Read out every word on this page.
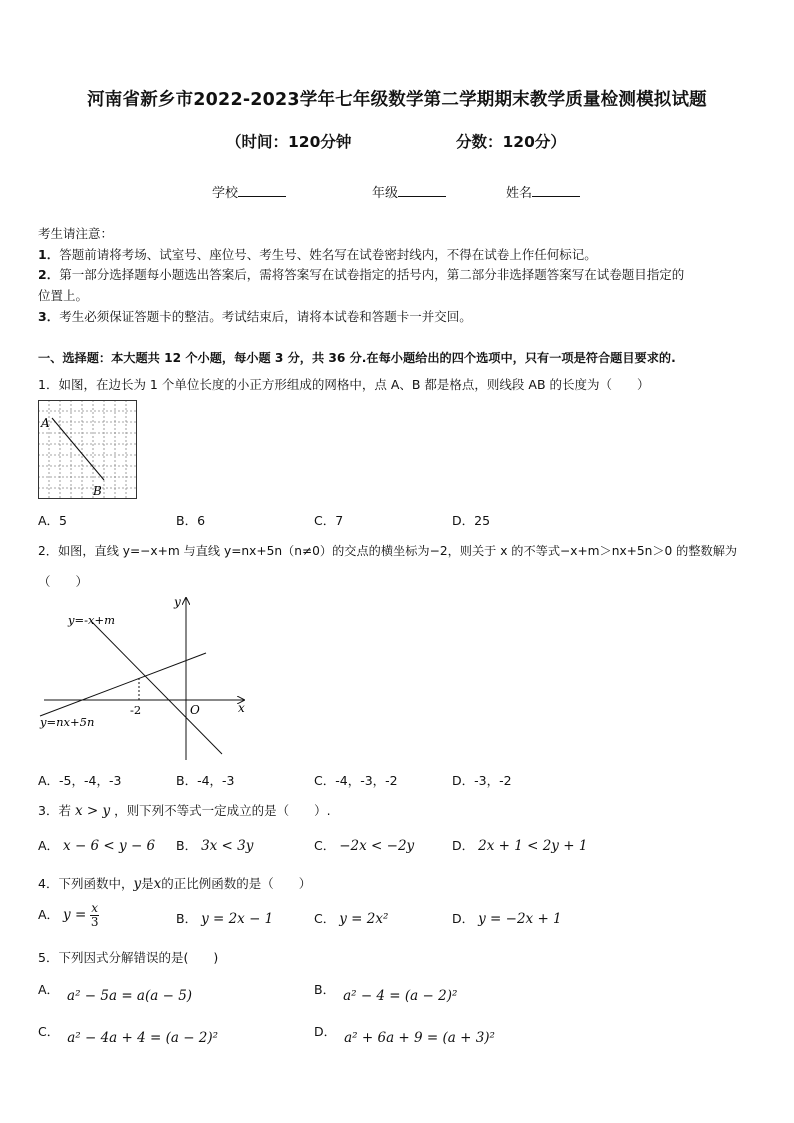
河南省新乡市2022-2023学年七年级数学第二学期期末教学质量检测模拟试题
（时间：120分钟	分数：120分）
学校	年级	姓名
考生请注意：
1．答题前请将考场、试室号、座位号、考生号、姓名写在试卷密封线内，不得在试卷上作任何标记。
2．第一部分选择题每小题选出答案后，需将答案写在试卷指定的括号内，第二部分非选择题答案写在试卷题目指定的
位置上。
3．考生必须保证答题卡的整洁。考试结束后，请将本试卷和答题卡一并交回。
一、选择题：本大题共 12 个小题，每小题 3 分，共 36 分.在每小题给出的四个选项中，只有一项是符合题目要求的.
1．如图，在边长为 1 个单位长度的小正方形组成的网格中，点 A、B 都是格点，则线段 AB 的长度为（　　）
A
B
A．5	B．6	C．7	D．25
2．如图，直线 y=−x+m 与直线 y=nx+5n（n≠0）的交点的横坐标为−2，则关于 x 的不等式−x+m＞nx+5n＞0 的整数解为
（　　）
y
x
O
-2
y=-x+m
y=nx+5n
A．-5，-4，-3	B．-4，-3	C．-4，-3，-2	D．-3，-2
3．若 x > y ，则下列不等式一定成立的是（　　）.
A． x − 6 < y − 6 B． 3x < 3y	C． −2x < −2y	D． 2x + 1 < 2y + 1
4．下列函数中，y是x的正比例函数的是（　　）
A． $y = \frac{x}{3}$	B． y = 2x − 1	C． y = 2x²	D． y = −2x + 1
5．下列因式分解错误的是(　　)
A． a² − 5a = a(a − 5)	B． a² − 4 = (a − 2)²
C． a² − 4a + 4 = (a − 2)²	D． a² + 6a + 9 = (a + 3)²
